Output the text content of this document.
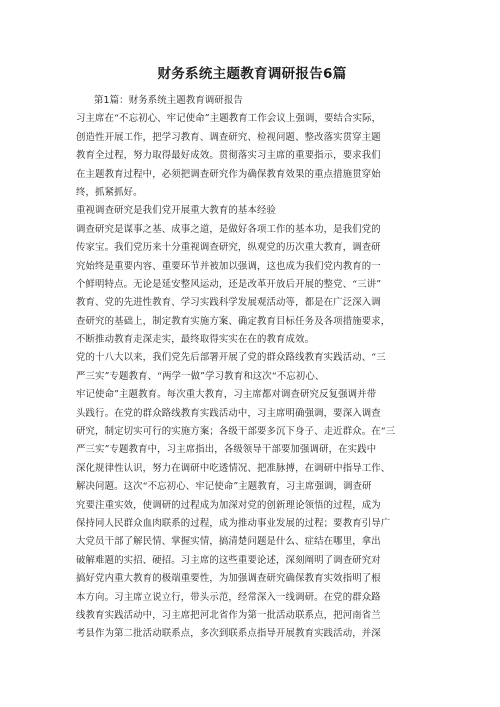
财务系统主题教育调研报告6篇
第1篇：财务系统主题教育调研报告
习主席在“不忘初心、牢记使命”主题教育工作会议上强调，要结合实际，
创造性开展工作，把学习教育、调查研究、检视问题、整改落实贯穿主题
教育全过程，努力取得最好成效。贯彻落实习主席的重要指示，要求我们
在主题教育过程中，必须把调查研究作为确保教育效果的重点措施贯穿始
终，抓紧抓好。
重视调查研究是我们党开展重大教育的基本经验
调查研究是谋事之基、成事之道，是做好各项工作的基本功，是我们党的
传家宝。我们党历来十分重视调查研究，纵观党的历次重大教育，调查研
究始终是重要内容、重要环节并被加以强调，这也成为我们党内教育的一
个鲜明特点。无论是延安整风运动，还是改革开放后开展的整党、“三讲”
教育、党的先进性教育、学习实践科学发展观活动等，都是在广泛深入调
查研究的基础上，制定教育实施方案、确定教育目标任务及各项措施要求，
不断推动教育走深走实，最终取得实实在在的教育成效。
党的十八大以来，我们党先后部署开展了党的群众路线教育实践活动、“三
严三实”专题教育、“两学一做”学习教育和这次“不忘初心、
牢记使命”主题教育。每次重大教育，习主席都对调查研究反复强调并带
头践行。在党的群众路线教育实践活动中，习主席明确强调，要深入调查
研究，制定切实可行的实施方案；各级干部要多沉下身子、走近群众。在“三
严三实”专题教育中，习主席指出，各级领导干部要加强调研，在实践中
深化规律性认识，努力在调研中吃透情况、把准脉搏，在调研中指导工作、
解决问题。这次“不忘初心、牢记使命”主题教育，习主席强调，调查研
究要注重实效，使调研的过程成为加深对党的创新理论领悟的过程，成为
保持同人民群众血肉联系的过程，成为推动事业发展的过程；要教育引导广
大党员干部了解民情、掌握实情，搞清楚问题是什么、症结在哪里，拿出
破解难题的实招、硬招。习主席的这些重要论述，深刻阐明了调查研究对
搞好党内重大教育的极端重要性，为加强调查研究确保教育实效指明了根
本方向。习主席立说立行，带头示范，经常深入一线调研。在党的群众路
线教育实践活动中，习主席把河北省作为第一批活动联系点，把河南省兰
考县作为第二批活动联系点，多次到联系点指导开展教育实践活动，并深
